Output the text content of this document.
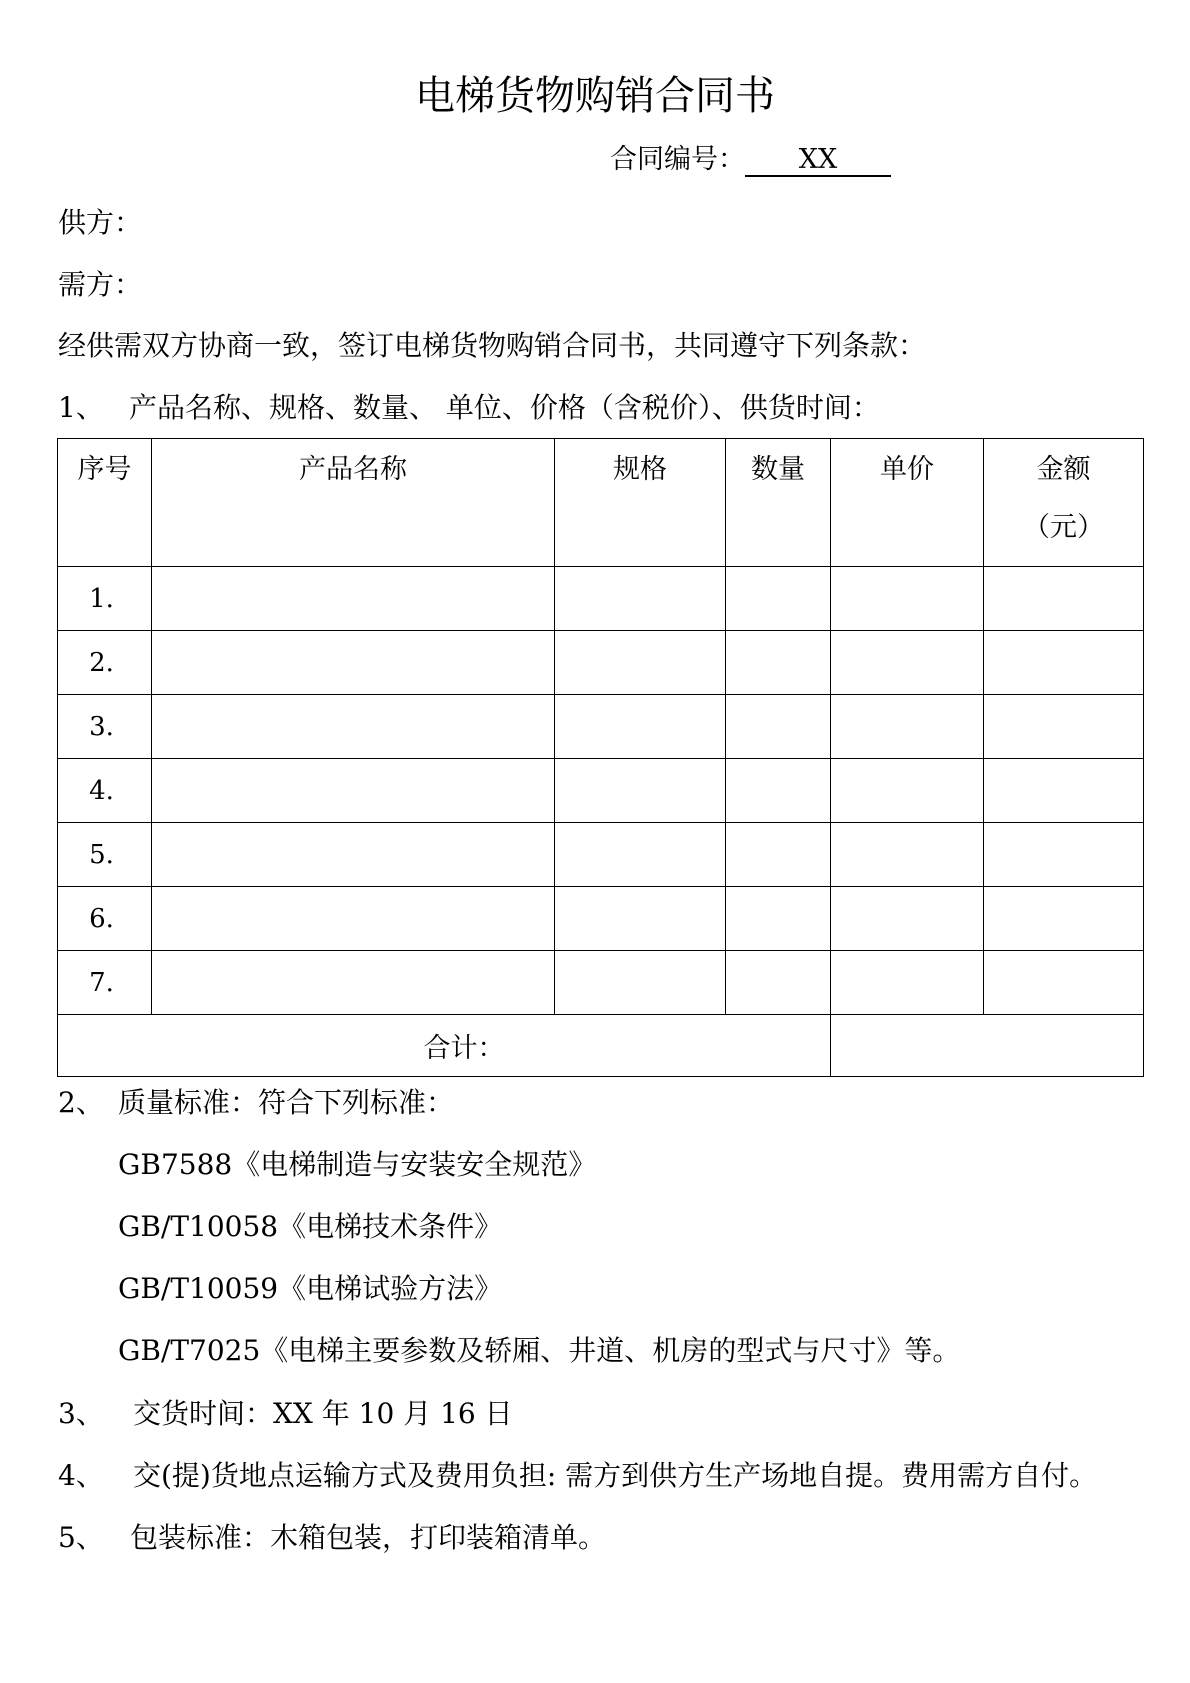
电梯货物购销合同书
合同编号： XX
供方：
需方：
经供需双方协商一致，签订电梯货物购销合同书，共同遵守下列条款：
1、 产品名称、规格、数量、 单位、价格（含税价）、供货时间：
序号	产品名称	规格	数量	单价	金额
（元）

1.					
2.					
3.					
4.					
5.					
6.					
7.					
合计：					
2、 质量标准：符合下列标准：
GB7588《电梯制造与安装安全规范》
GB/T10058《电梯技术条件》
GB/T10059《电梯试验方法》
GB/T7025《电梯主要参数及轿厢、井道、机房的型式与尺寸》等。
3、 交货时间：XX 年 10 月 16 日
4、 交(提)货地点运输方式及费用负担: 需方到供方生产场地自提。费用需方自付。
5、 包装标准：木箱包装，打印装箱清单。
